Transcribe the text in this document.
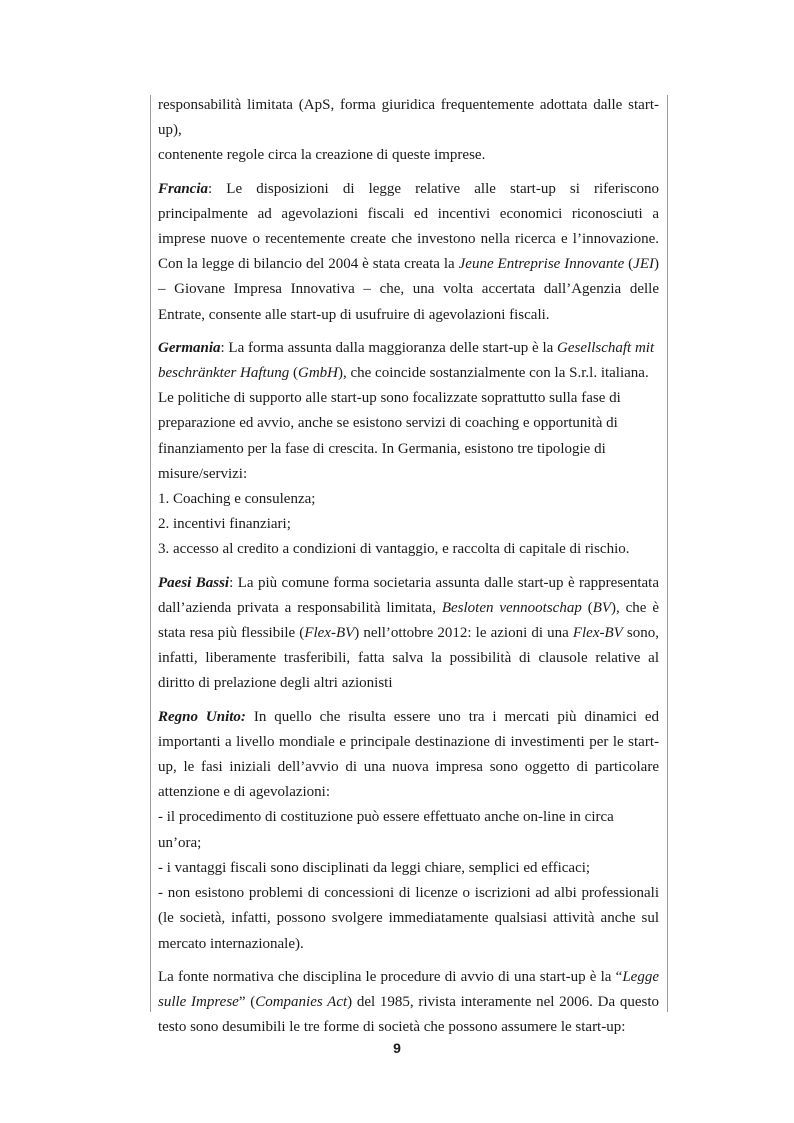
responsabilità limitata (ApS, forma giuridica frequentemente adottata dalle start-up),
contenente regole circa la creazione di queste imprese.

Francia: Le disposizioni di legge relative alle start-up si riferiscono principalmente ad agevolazioni fiscali ed incentivi economici riconosciuti a imprese nuove o recentemente create che investono nella ricerca e l’innovazione. Con la legge di bilancio del 2004 è stata creata la Jeune Entreprise Innovante (JEI) – Giovane Impresa Innovativa – che, una volta accertata dall’Agenzia delle Entrate, consente alle start-up di usufruire di agevolazioni fiscali.

Germania: La forma assunta dalla maggioranza delle start-up è la Gesellschaft mit beschränkter Haftung (GmbH), che coincide sostanzialmente con la S.r.l. italiana. Le politiche di supporto alle start-up sono focalizzate soprattutto sulla fase di preparazione ed avvio, anche se esistono servizi di coaching e opportunità di finanziamento per la fase di crescita. In Germania, esistono tre tipologie di misure/servizi:

1. Coaching e consulenza;

2. incentivi finanziari;

3. accesso al credito a condizioni di vantaggio, e raccolta di capitale di rischio.

Paesi Bassi: La più comune forma societaria assunta dalle start-up è rappresentata dall’azienda privata a responsabilità limitata, Besloten vennootschap (BV), che è stata resa più flessibile (Flex-BV) nell’ottobre 2012: le azioni di una Flex-BV sono, infatti, liberamente trasferibili, fatta salva la possibilità di clausole relative al diritto di prelazione degli altri azionisti

Regno Unito: In quello che risulta essere uno tra i mercati più dinamici ed importanti a livello mondiale e principale destinazione di investimenti per le start-up, le fasi iniziali dell’avvio di una nuova impresa sono oggetto di particolare attenzione e di agevolazioni:

- il procedimento di costituzione può essere effettuato anche on-line in circa un’ora;

- i vantaggi fiscali sono disciplinati da leggi chiare, semplici ed efficaci;

- non esistono problemi di concessioni di licenze o iscrizioni ad albi professionali (le società, infatti, possono svolgere immediatamente qualsiasi attività anche sul mercato internazionale).

La fonte normativa che disciplina le procedure di avvio di una start-up è la “Legge sulle Imprese” (Companies Act) del 1985, rivista interamente nel 2006. Da questo testo sono desumibili le tre forme di società che possono assumere le start-up:

9
